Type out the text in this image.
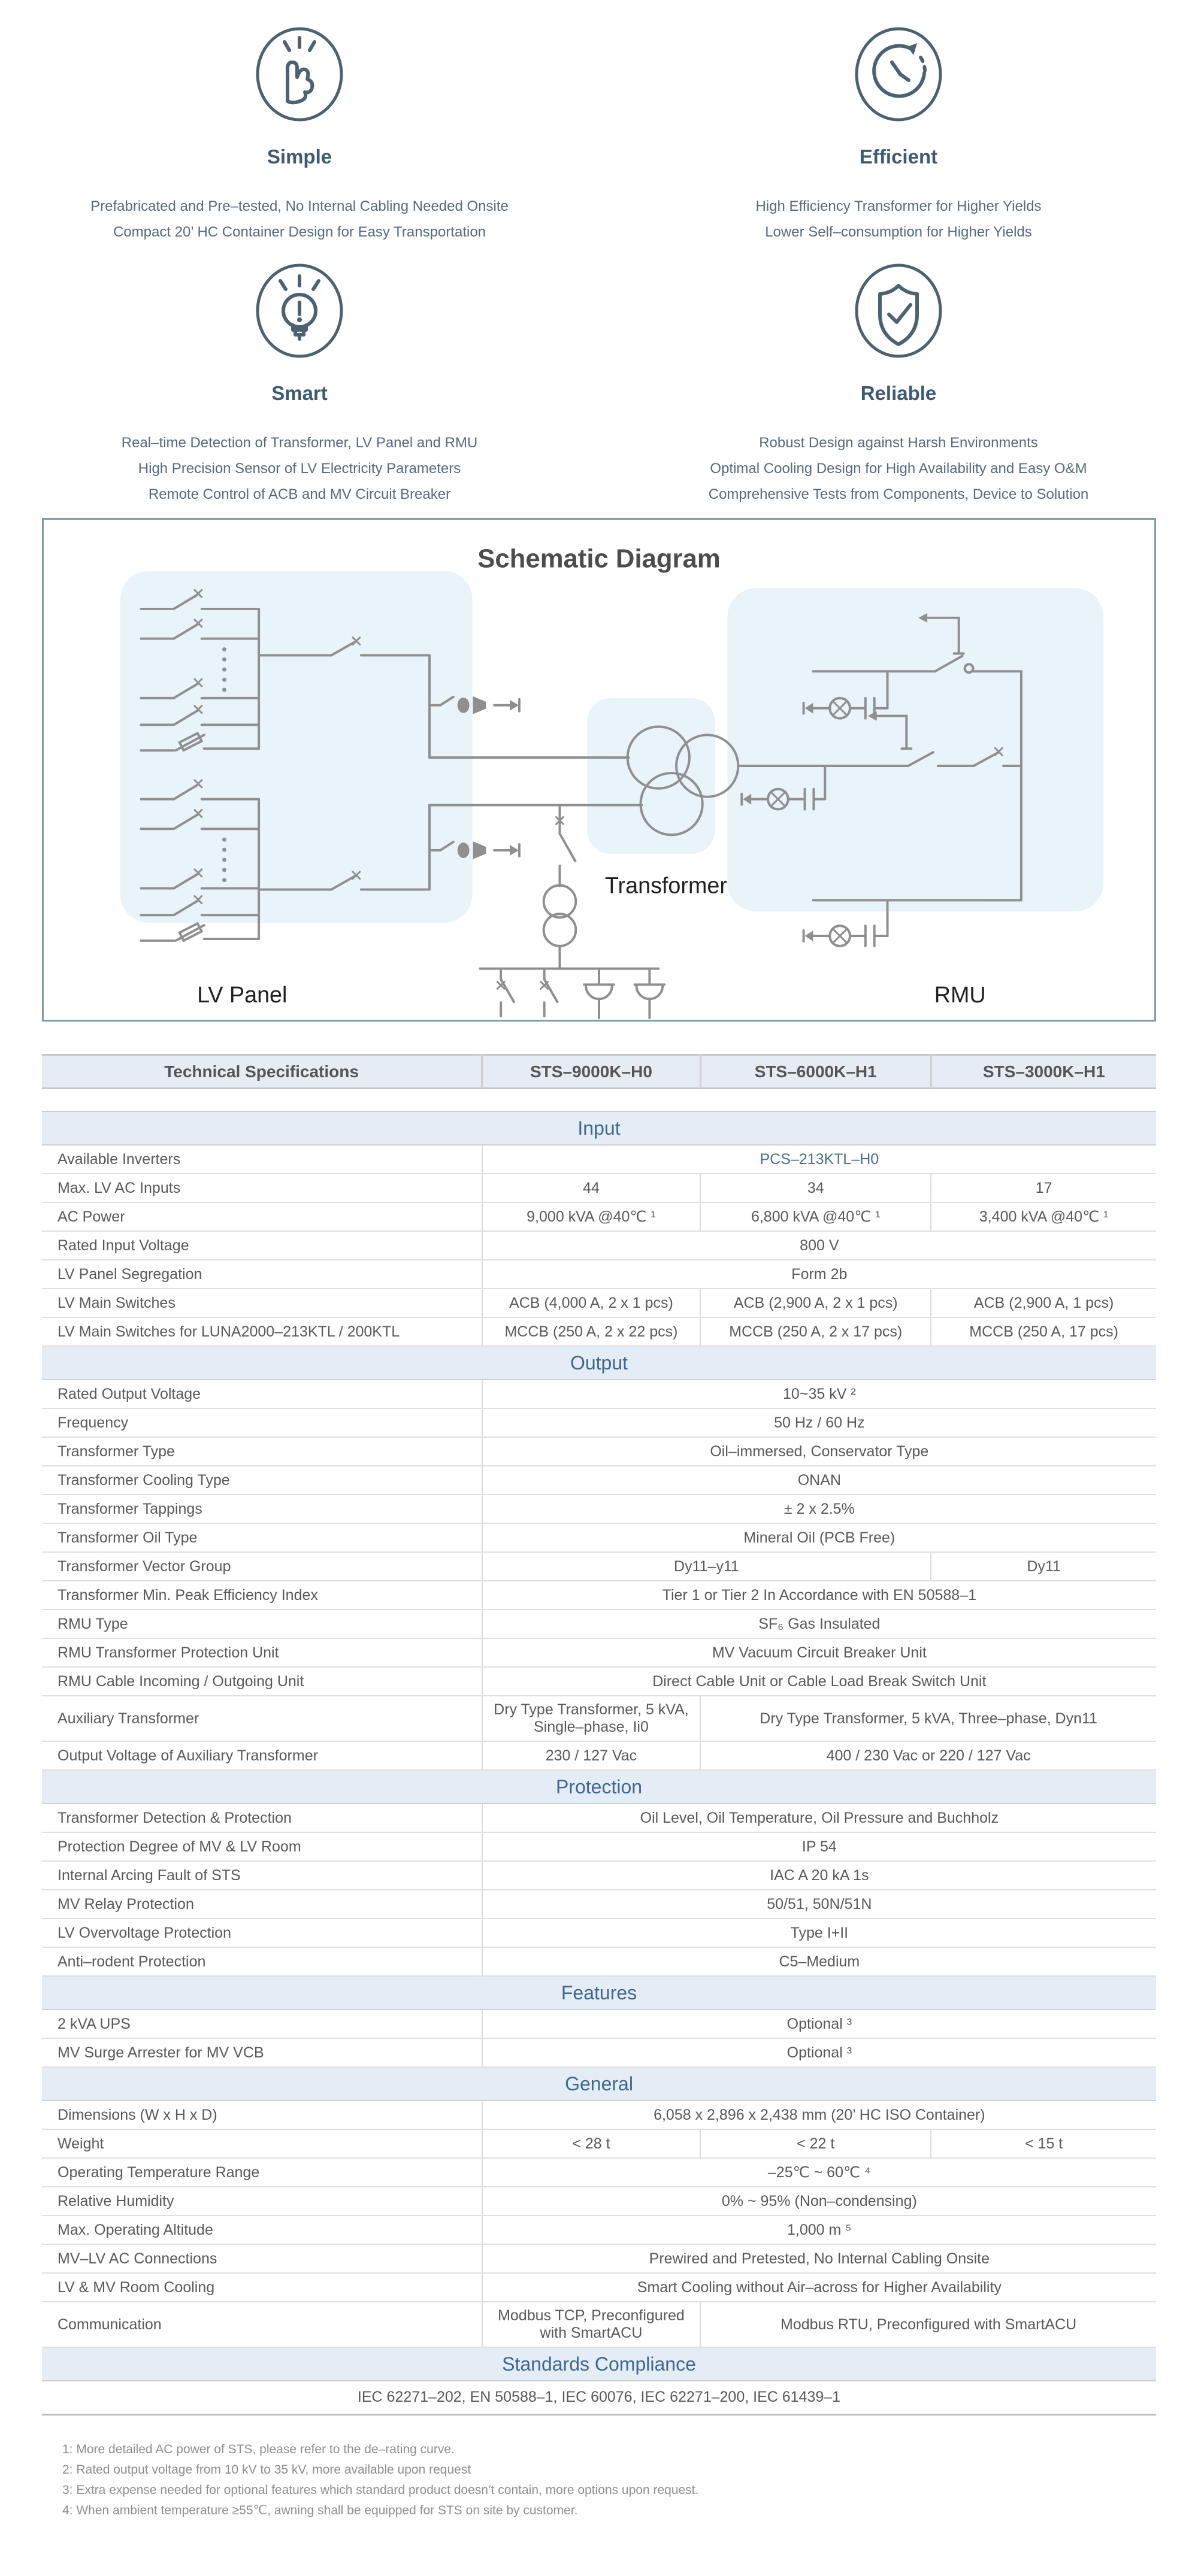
Simple
Prefabricated and Pre–tested, No Internal Cabling Needed Onsite
Compact 20’ HC Container Design for Easy Transportation
Efficient
High Efficiency Transformer for Higher Yields
Lower Self–consumption for Higher Yields
Smart
Real–time Detection of Transformer, LV Panel and RMU
High Precision Sensor of LV Electricity Parameters
Remote Control of ACB and MV Circuit Breaker
Reliable
Robust Design against Harsh Environments
Optimal Cooling Design for High Availability and Easy O&M
Comprehensive Tests from Components, Device to Solution
Schematic Diagram
LV Panel
Transformer
RMU
Technical Specifications	STS–9000K–H0	STS–6000K–H1	STS–3000K–H1
Input			
Available Inverters	PCS–213KTL–H0		
Max. LV AC Inputs	44	34	17
AC Power	9,000 kVA @40℃ ¹	6,800 kVA @40℃ ¹	3,400 kVA @40℃ ¹
Rated Input Voltage	800 V		
LV Panel Segregation	Form 2b		
LV Main Switches	ACB (4,000 A, 2 x 1 pcs)	ACB (2,900 A, 2 x 1 pcs)	ACB (2,900 A, 1 pcs)
LV Main Switches for LUNA2000–213KTL / 200KTL	MCCB (250 A, 2 x 22 pcs)	MCCB (250 A, 2 x 17 pcs)	MCCB (250 A, 17 pcs)
Output			
Rated Output Voltage	10~35 kV ²		
Frequency	50 Hz / 60 Hz		
Transformer Type	Oil–immersed, Conservator Type		
Transformer Cooling Type	ONAN		
Transformer Tappings	± 2 x 2.5%		
Transformer Oil Type	Mineral Oil (PCB Free)		
Transformer Vector Group	Dy11–y11		Dy11
Transformer Min. Peak Efficiency Index	Tier 1 or Tier 2 In Accordance with EN 50588–1		
RMU Type	SF₆ Gas Insulated		
RMU Transformer Protection Unit	MV Vacuum Circuit Breaker Unit		
RMU Cable Incoming / Outgoing Unit	Direct Cable Unit or Cable Load Break Switch Unit		
Auxiliary Transformer	Dry Type Transformer, 5 kVA, Single–phase, Ii0	Dry Type Transformer, 5 kVA, Three–phase, Dyn11	
Output Voltage of Auxiliary Transformer	230 / 127 Vac	400 / 230 Vac or 220 / 127 Vac	
Protection			
Transformer Detection & Protection	Oil Level, Oil Temperature, Oil Pressure and Buchholz		
Protection Degree of MV & LV Room	IP 54		
Internal Arcing Fault of STS	IAC A 20 kA 1s		
MV Relay Protection	50/51, 50N/51N		
LV Overvoltage Protection	Type I+II		
Anti–rodent Protection	C5–Medium		
Features			
2 kVA UPS	Optional ³		
MV Surge Arrester for MV VCB	Optional ³		
General			
Dimensions (W x H x D)	6,058 x 2,896 x 2,438 mm (20’ HC ISO Container)		
Weight	< 28 t	< 22 t	< 15 t
Operating Temperature Range	–25℃ ~ 60℃ ⁴		
Relative Humidity	0% ~ 95% (Non–condensing)		
Max. Operating Altitude	1,000 m ⁵		
MV–LV AC Connections	Prewired and Pretested, No Internal Cabling Onsite		
LV & MV Room Cooling	Smart Cooling without Air–across for Higher Availability		
Communication	Modbus TCP, Preconfigured with SmartACU	Modbus RTU, Preconfigured with SmartACU	
Standards Compliance			
IEC 62271–202, EN 50588–1, IEC 60076, IEC 62271–200, IEC 61439–1			
1: More detailed AC power of STS, please refer to the de–rating curve.
2: Rated output voltage from 10 kV to 35 kV, more available upon request
3: Extra expense needed for optional features which standard product doesn’t contain, more options upon request.
4: When ambient temperature ≥55℃, awning shall be equipped for STS on site by customer.
